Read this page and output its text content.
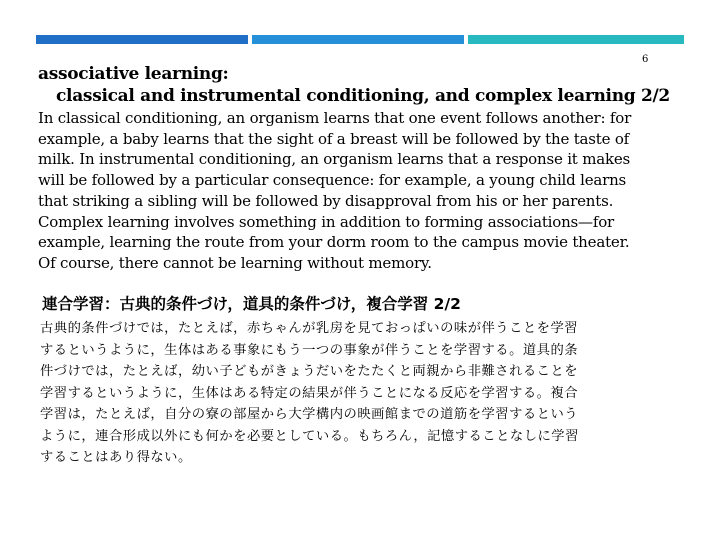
6
associative learning:
classical and instrumental conditioning, and complex learning 2/2
In classical conditioning, an organism learns that one event follows another: for
example, a baby learns that the sight of a breast will be followed by the taste of
milk. In instrumental conditioning, an organism learns that a response it makes
will be followed by a particular consequence: for example, a young child learns
that striking a sibling will be followed by disapproval from his or her parents.
Complex learning involves something in addition to forming associations—for
example, learning the route from your dorm room to the campus movie theater.
Of course, there cannot be learning without memory.
連合学習：古典的条件づけ，道具的条件づけ，複合学習 2/2
古典的条件づけでは，たとえば，赤ちゃんが乳房を見ておっぱいの味が伴うことを学習
するというように，生体はある事象にもう一つの事象が伴うことを学習する。道具的条
件づけでは，たとえば，幼い子どもがきょうだいをたたくと両親から非難されることを
学習するというように，生体はある特定の結果が伴うことになる反応を学習する。複合
学習は，たとえば，自分の寮の部屋から大学構内の映画館までの道筋を学習するという
ように，連合形成以外にも何かを必要としている。もちろん，記憶することなしに学習
することはあり得ない。
